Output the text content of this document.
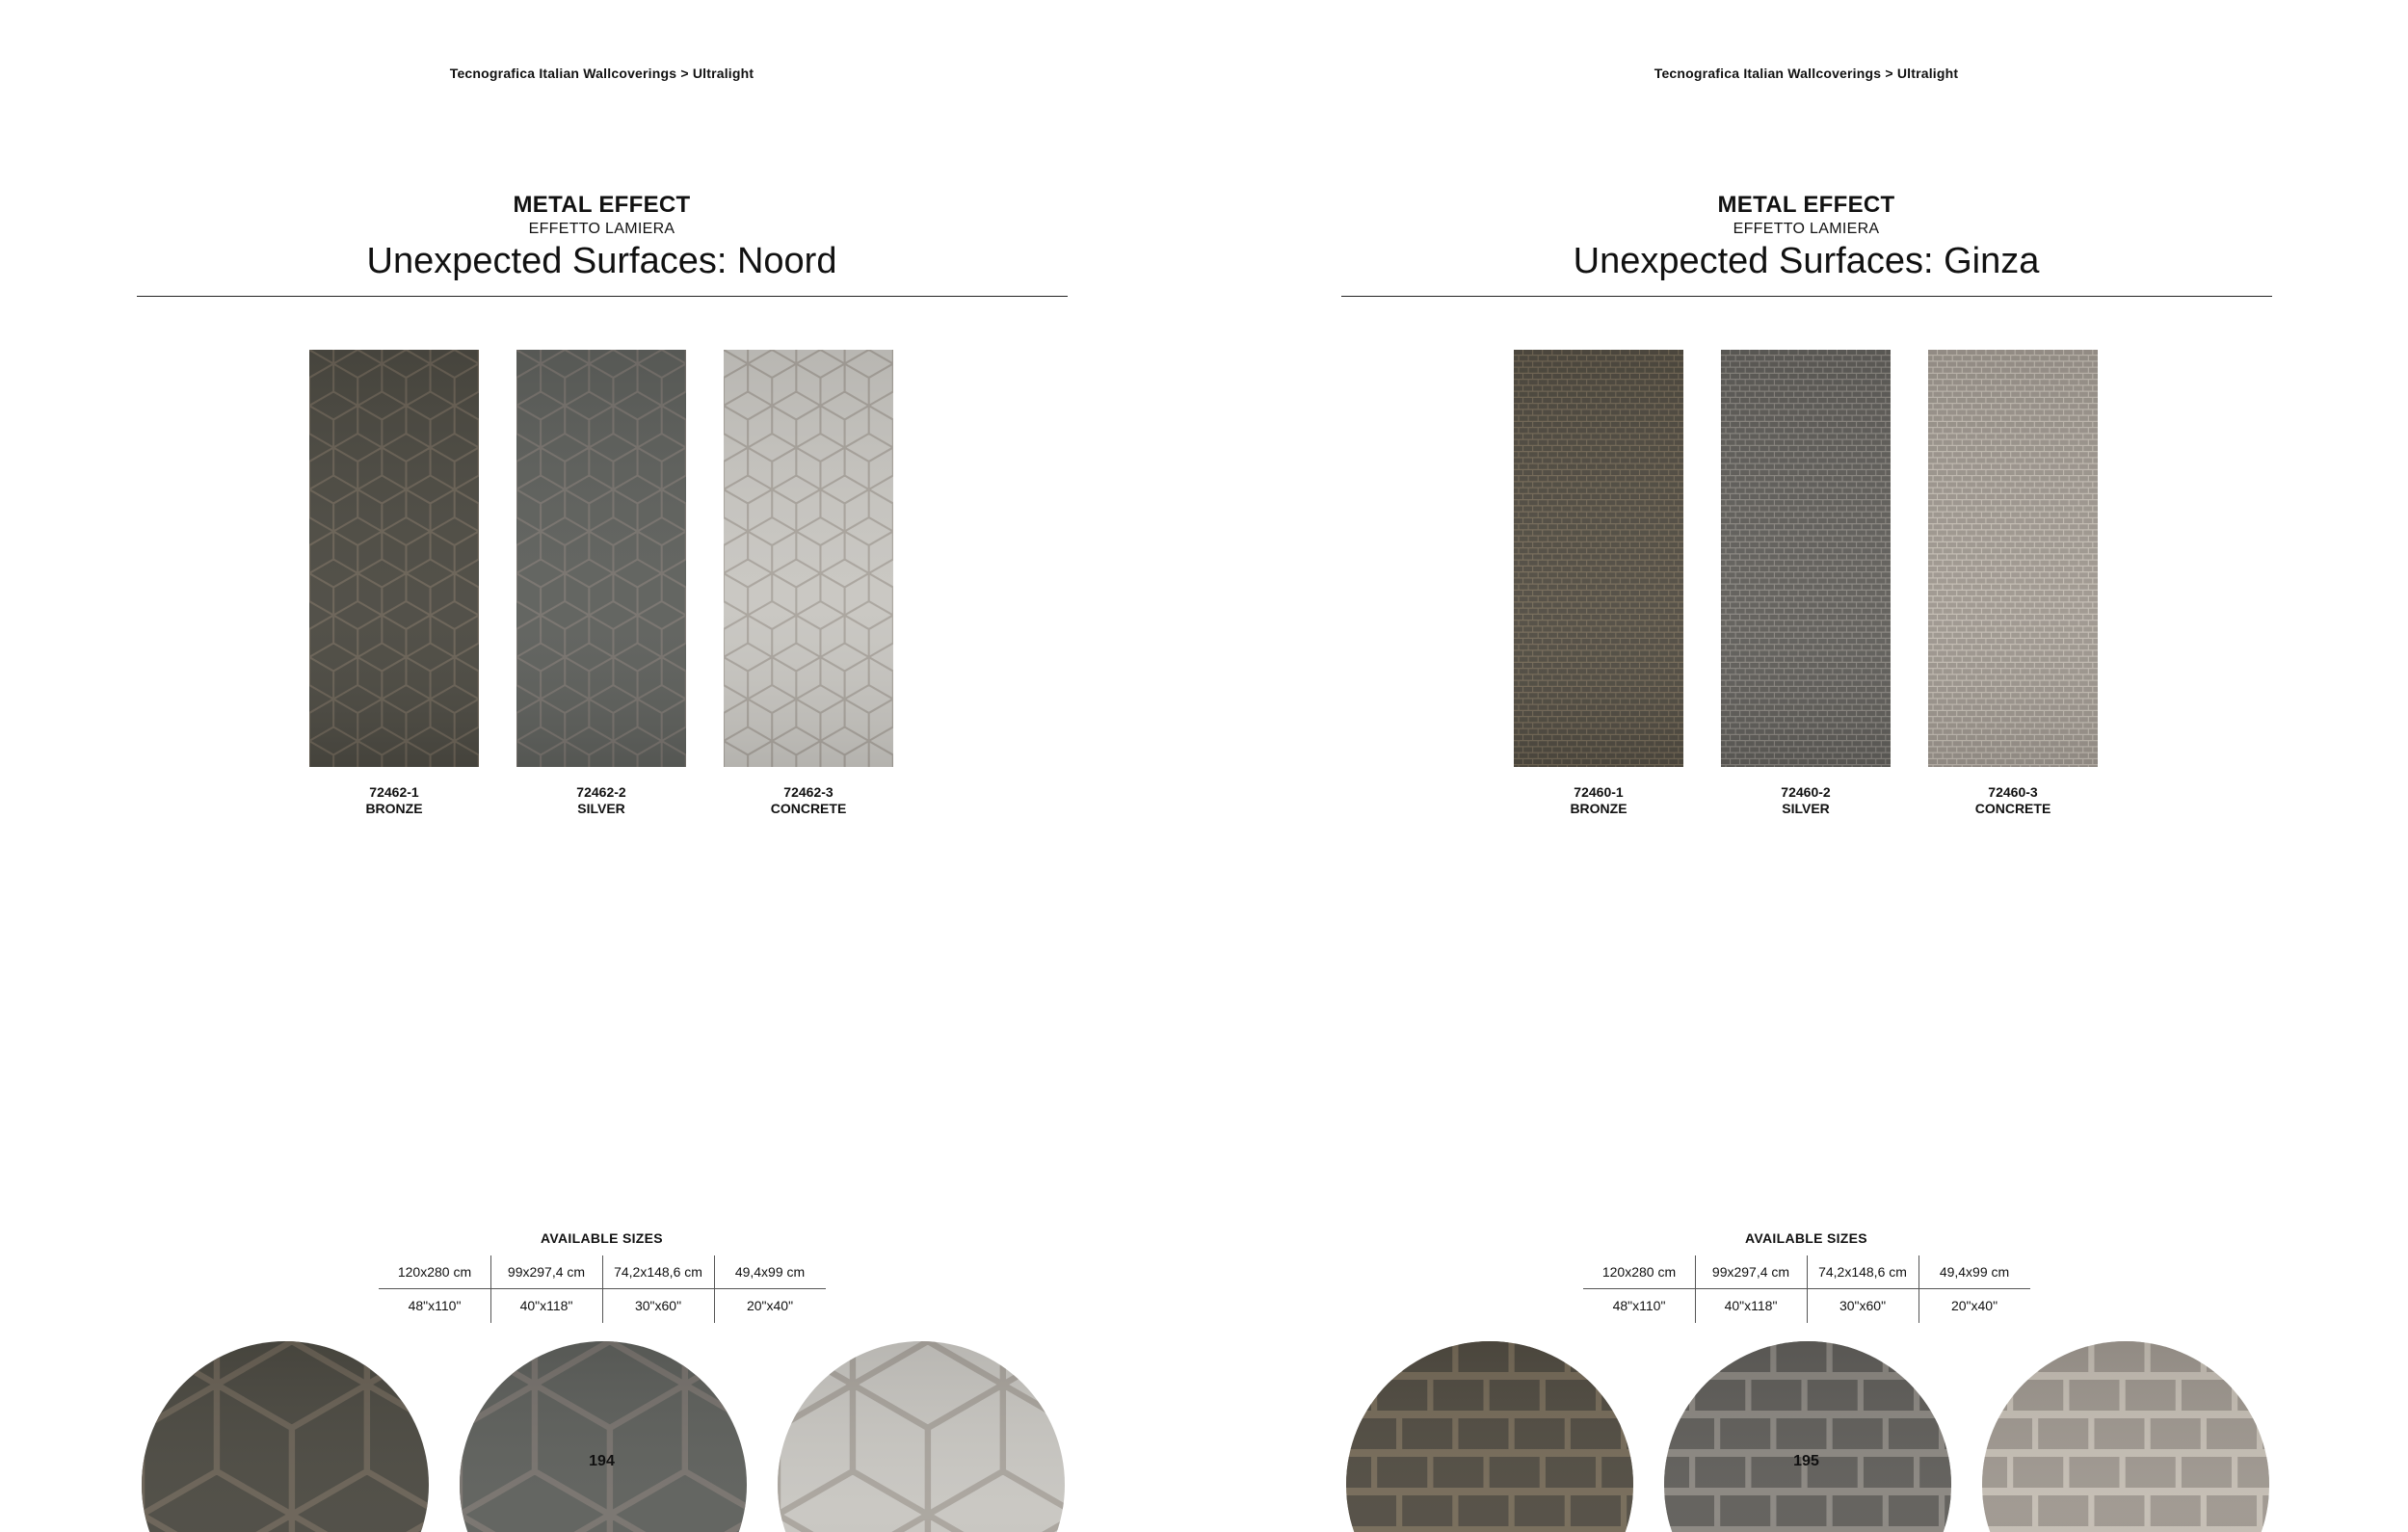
Tecnografica Italian Wallcoverings > Ultralight
METAL EFFECT
EFFETTO LAMIERA
Unexpected Surfaces: Noord
72462-1
BRONZE
72462-2
SILVER
72462-3
CONCRETE
AVAILABLE SIZES
120x280 cm	99x297,4 cm	74,2x148,6 cm	49,4x99 cm
48"x110"	40"x118"	30"x60"	20"x40"
194
Tecnografica Italian Wallcoverings > Ultralight
METAL EFFECT
EFFETTO LAMIERA
Unexpected Surfaces: Ginza
72460-1
BRONZE
72460-2
SILVER
72460-3
CONCRETE
AVAILABLE SIZES
120x280 cm	99x297,4 cm	74,2x148,6 cm	49,4x99 cm
48"x110"	40"x118"	30"x60"	20"x40"
195
